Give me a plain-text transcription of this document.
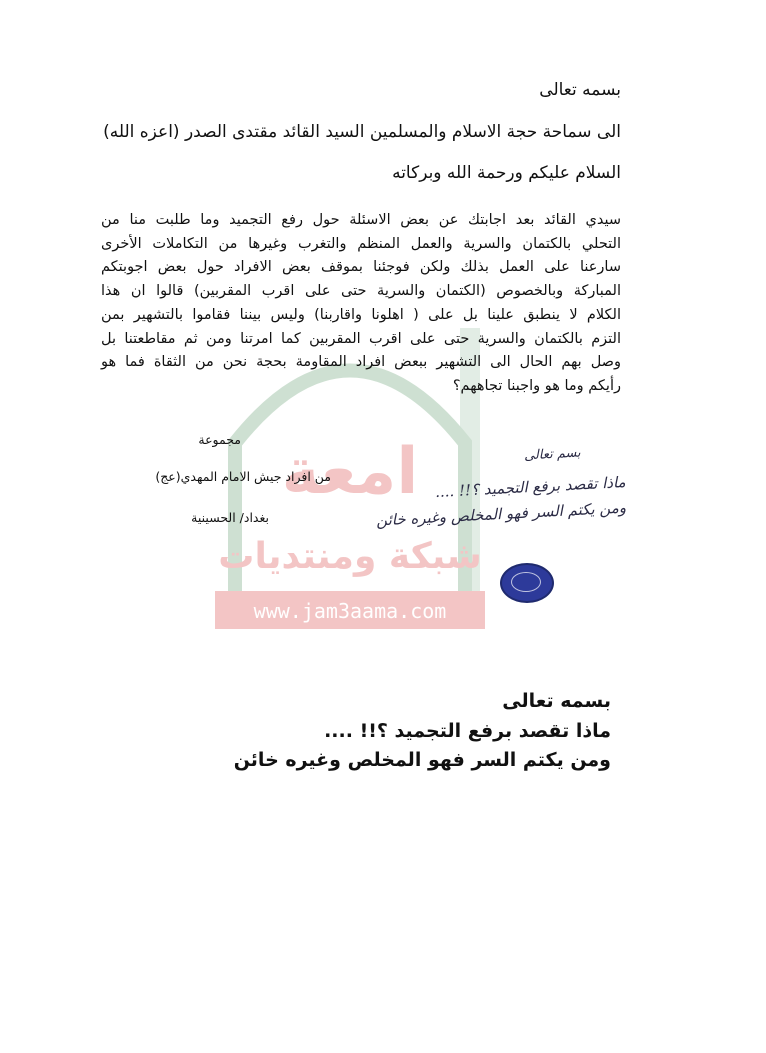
امعة
شبكة ومنتديات
www.jam3aama.com
بسمه تعالى
الى سماحة حجة الاسلام والمسلمين السيد القائد مقتدى الصدر (اعزه الله)
السلام عليكم ورحمة الله وبركاته
سيدي القائد بعد اجابتك عن بعض الاسئلة حول رفع التجميد وما طلبت منا من
التحلي بالكتمان والسرية والعمل المنظم والتغرب وغيرها من التكاملات الأخرى
سارعنا على العمل بذلك ولكن فوجئنا بموقف بعض الافراد حول بعض اجوبتكم
المباركة وبالخصوص (الكتمان والسرية حتى على اقرب المقربين) قالوا ان هذا
الكلام لا ينطبق علينا بل على ( اهلونا واقاربنا) وليس بيننا فقاموا بالتشهير بمن
التزم بالكتمان والسرية حتى على اقرب المقربين كما امرتنا ومن ثم مقاطعتنا بل
وصل بهم الحال الى التشهير ببعض افراد المقاومة بحجة نحن من الثقاة فما هو
رأيكم وما هو واجبنا تجاههم؟
مجموعة
من افراد جيش الامام المهدي(عج)
بغداد/ الحسينية
بسم تعالى
ماذا تقصد برفع التجميد ؟!! ....
ومن يكتم السر فهو المخلص وغيره خائن
بسمه تعالى
ماذا تقصد برفع التجميد ؟!! ....
ومن يكتم السر فهو المخلص وغيره خائن
